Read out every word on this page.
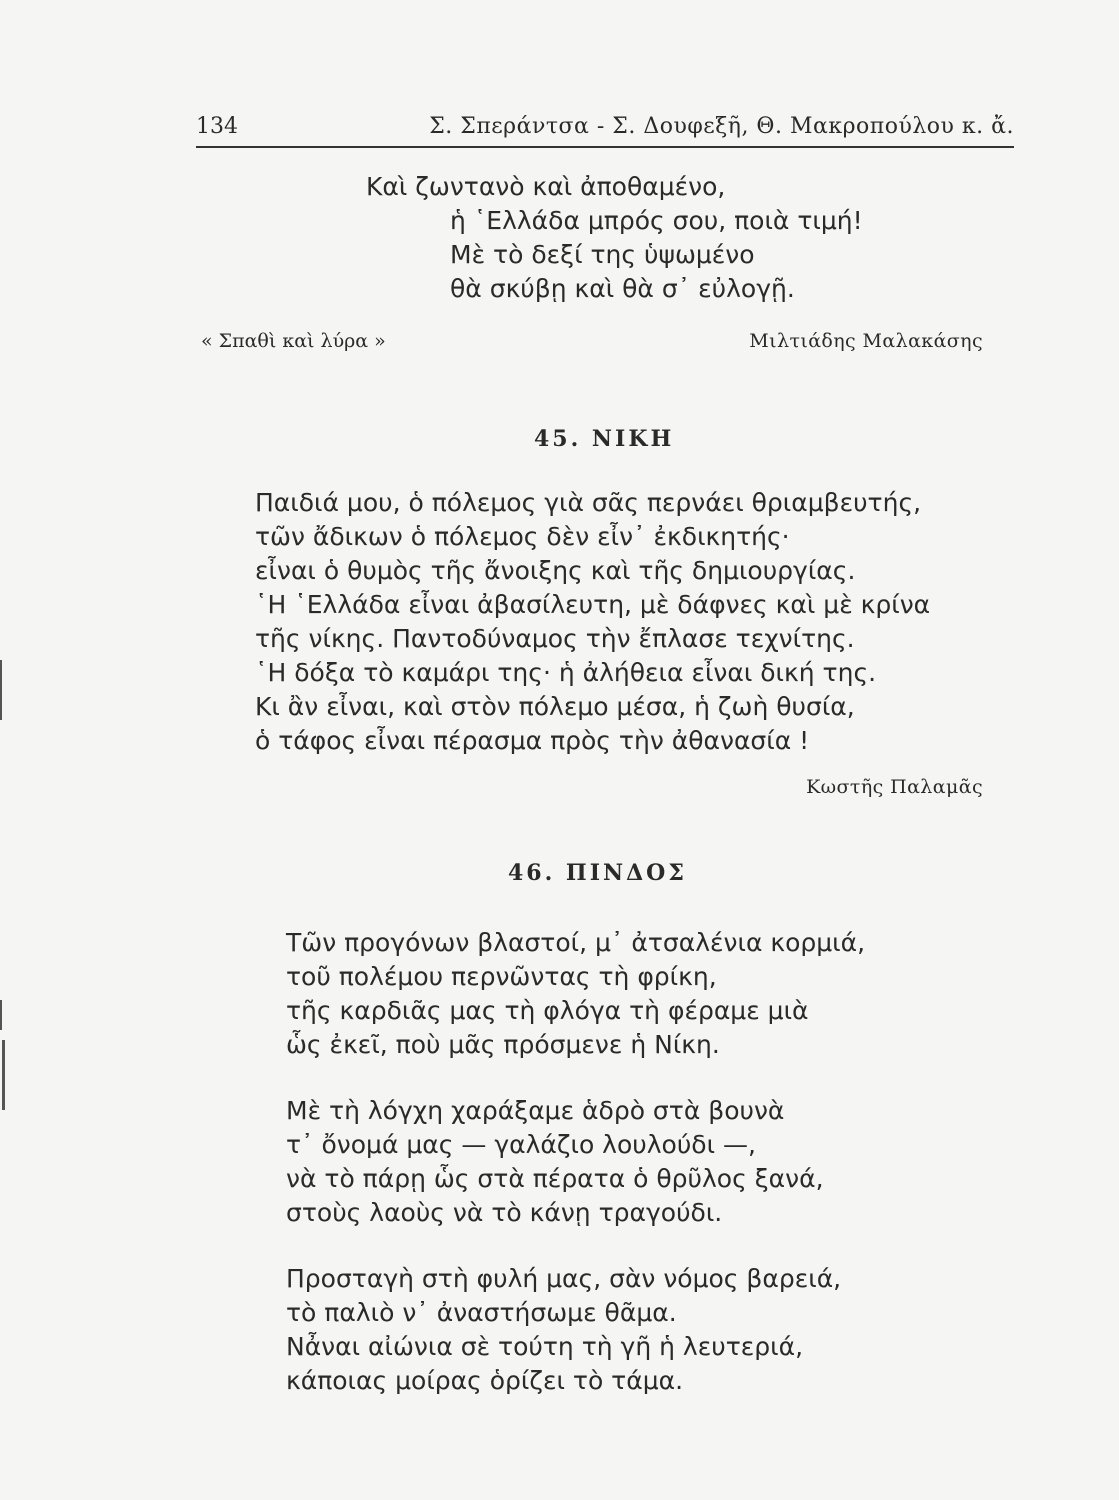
134	Σ. Σπεράντσα - Σ. Δουφεξῆ, Θ. Μακροπούλου κ. ἄ.
Καὶ ζωντανὸ καὶ ἀποθαμένο,
ἡ ῾Ελλάδα μπρός σου, ποιὰ τιμή!
Μὲ τὸ δεξί της ὑψωμένο
θὰ σκύβῃ καὶ θὰ σ᾿ εὐλογῇ.
« Σπαθὶ καὶ λύρα »	Μιλτιάδης Μαλακάσης
45. ΝΙΚΗ
Παιδιά μου, ὁ πόλεμος γιὰ σᾶς περνάει θριαμβευτής,
τῶν ἄδικων ὁ πόλεμος δὲν εἶν᾿ ἐκδικητής·
εἶναι ὁ θυμὸς τῆς ἄνοιξης καὶ τῆς δημιουργίας.
῾Η ῾Ελλάδα εἶναι ἀβασίλευτη, μὲ δάφνες καὶ μὲ κρίνα
τῆς νίκης. Παντοδύναμος τὴν ἔπλασε τεχνίτης.
῾Η δόξα τὸ καμάρι της· ἡ ἀλήθεια εἶναι δική της.
Κι ἂν εἶναι, καὶ στὸν πόλεμο μέσα, ἡ ζωὴ θυσία,
ὁ τάφος εἶναι πέρασμα πρὸς τὴν ἀθανασία !
Κωστῆς Παλαμᾶς
46. ΠΙΝΔΟΣ
Τῶν προγόνων βλαστοί, μ᾿ ἀτσαλένια κορμιά,
τοῦ πολέμου περνῶντας τὴ φρίκη,
τῆς καρδιᾶς μας τὴ φλόγα τὴ φέραμε μιὰ
ὧς ἐκεῖ, ποὺ μᾶς πρόσμενε ἡ Νίκη.
Μὲ τὴ λόγχη χαράξαμε ἁδρὸ στὰ βουνὰ
τ᾿ ὄνομά μας — γαλάζιο λουλούδι —,
νὰ τὸ πάρῃ ὧς στὰ πέρατα ὁ θρῦλος ξανά,
στοὺς λαοὺς νὰ τὸ κάνῃ τραγούδι.
Προσταγὴ στὴ φυλή μας, σὰν νόμος βαρειά,
τὸ παλιὸ ν᾿ ἀναστήσωμε θᾶμα.
Νἆναι αἰώνια σὲ τούτη τὴ γῆ ἡ λευτεριά,
κάποιας μοίρας ὁρίζει τὸ τάμα.
